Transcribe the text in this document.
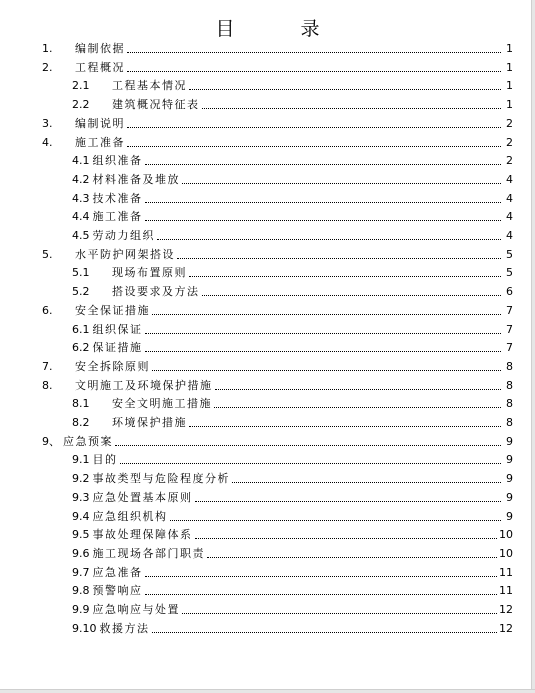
目 录
1.	编制依据	1
2.	工程概况	1
2.1	工程基本情况	1
2.2	建筑概况特征表	1
3.	编制说明	2
4.	施工准备	2
4.1 组织准备	2
4.2 材料准备及堆放	4
4.3 技术准备	4
4.4 施工准备	4
4.5 劳动力组织	4
5.	水平防护网架搭设	5
5.1	现场布置原则	5
5.2	搭设要求及方法	6
6.	安全保证措施	7
6.1 组织保证	7
6.2 保证措施	7
7.	安全拆除原则	8
8.	文明施工及环境保护措施	8
8.1	安全文明施工措施	8
8.2	环境保护措施	8
9、 应急预案	9
9.1 目的	9
9.2 事故类型与危险程度分析	9
9.3 应急处置基本原则	9
9.4 应急组织机构	9
9.5 事故处理保障体系	10
9.6 施工现场各部门职责	10
9.7 应急准备	11
9.8 预警响应	11
9.9 应急响应与处置	12
9.10 救援方法	12
